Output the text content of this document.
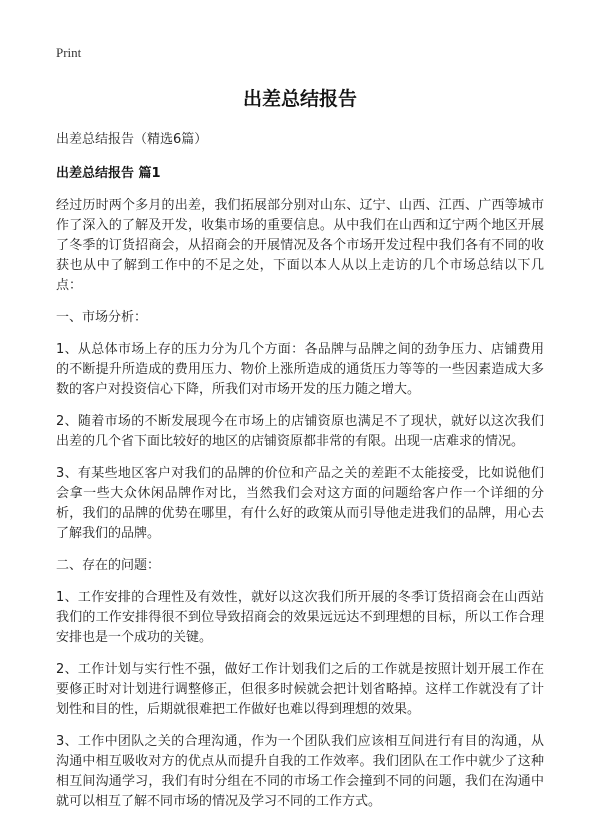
Print
出差总结报告
出差总结报告（精选6篇）
出差总结报告 篇1

经过历时两个多月的出差，我们拓展部分别对山东、辽宁、山西、江西、广西等城市作了深入的了解及开发，收集市场的重要信息。从中我们在山西和辽宁两个地区开展了冬季的订货招商会，从招商会的开展情况及各个市场开发过程中我们各有不同的收获也从中了解到工作中的不足之处，下面以本人从以上走访的几个市场总结以下几点：

一、市场分析：

1、从总体市场上存的压力分为几个方面：各品牌与品牌之间的劲争压力、店铺费用的不断提升所造成的费用压力、物价上涨所造成的通货压力等等的一些因素造成大多数的客户对投资信心下降，所我们对市场开发的压力随之增大。

2、随着市场的不断发展现今在市场上的店铺资原也满足不了现状，就好以这次我们出差的几个省下面比较好的地区的店铺资原都非常的有限。出现一店难求的情况。

3、有某些地区客户对我们的品牌的价位和产品之关的差距不太能接受，比如说他们会拿一些大众休闲品牌作对比，当然我们会对这方面的问题给客户作一个详细的分析，我们的品牌的优势在哪里，有什么好的政策从而引导他走进我们的品牌，用心去了解我们的品牌。

二、存在的问题：

1、工作安排的合理性及有效性，就好以这次我们所开展的冬季订货招商会在山西站我们的工作安排得很不到位导致招商会的效果远远达不到理想的目标，所以工作合理安排也是一个成功的关键。

2、工作计划与实行性不强，做好工作计划我们之后的工作就是按照计划开展工作在要修正时对计划进行调整修正，但很多时候就会把计划省略掉。这样工作就没有了计划性和目的性，后期就很难把工作做好也难以得到理想的效果。

3、工作中团队之关的合理沟通，作为一个团队我们应该相互间进行有目的沟通，从沟通中相互吸收对方的优点从而提升自我的工作效率。我们团队在工作中就少了这种相互间沟通学习，我们有时分组在不同的市场工作会撞到不同的问题，我们在沟通中就可以相互了解不同市场的情况及学习不同的工作方式。
